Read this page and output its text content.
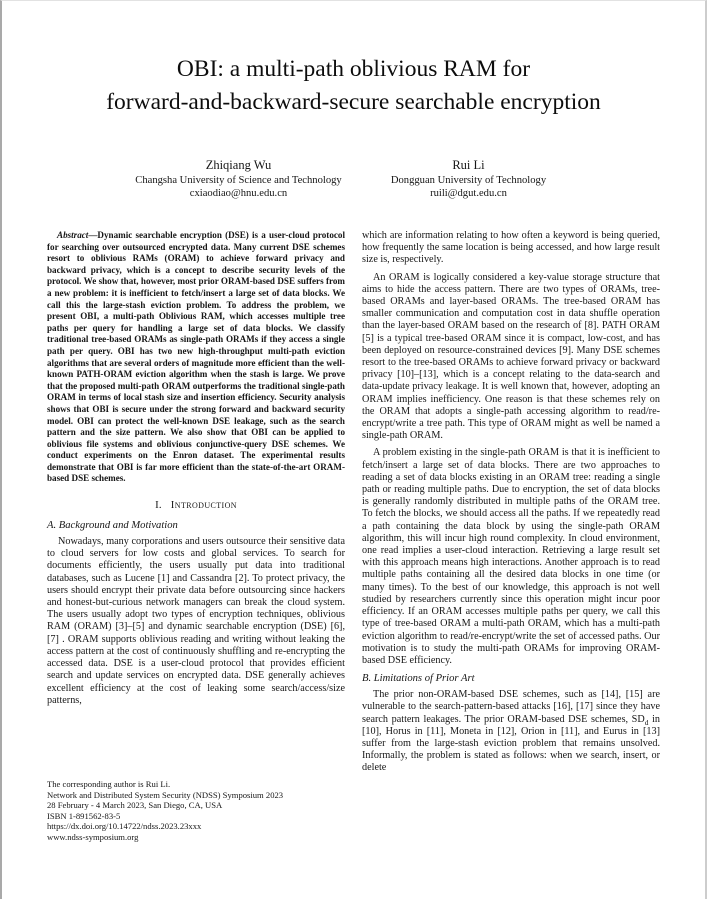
OBI: a multi-path oblivious RAM for
forward-and-backward-secure searchable encryption
Zhiqiang Wu
Changsha University of Science and Technology
cxiaodiao@hnu.edu.cn
Rui Li
Dongguan University of Technology
ruili@dgut.edu.cn

Abstract—Dynamic searchable encryption (DSE) is a user-cloud protocol for searching over outsourced encrypted data. Many current DSE schemes resort to oblivious RAMs (ORAM) to achieve forward privacy and backward privacy, which is a concept to describe security levels of the protocol. We show that, however, most prior ORAM-based DSE suffers from a new problem: it is inefficient to fetch/insert a large set of data blocks. We call this the large-stash eviction problem. To address the problem, we present OBI, a multi-path Oblivious RAM, which accesses multiple tree paths per query for handling a large set of data blocks. We classify traditional tree-based ORAMs as single-path ORAMs if they access a single path per query. OBI has two new high-throughput multi-path eviction algorithms that are several orders of magnitude more efficient than the well-known PATH-ORAM eviction algorithm when the stash is large. We prove that the proposed multi-path ORAM outperforms the traditional single-path ORAM in terms of local stash size and insertion efficiency. Security analysis shows that OBI is secure under the strong forward and backward security model. OBI can protect the well-known DSE leakage, such as the search pattern and the size pattern. We also show that OBI can be applied to oblivious file systems and oblivious conjunctive-query DSE schemes. We conduct experiments on the Enron dataset. The experimental results demonstrate that OBI is far more efficient than the state-of-the-art ORAM-based DSE schemes.

I. Introduction
A. Background and Motivation

Nowadays, many corporations and users outsource their sensitive data to cloud servers for low costs and global services. To search for documents efficiently, the users usually put data into traditional databases, such as Lucene [1] and Cassandra [2]. To protect privacy, the users should encrypt their private data before outsourcing since hackers and honest-but-curious network managers can break the cloud system. The users usually adopt two types of encryption techniques, oblivious RAM (ORAM) [3]–[5] and dynamic searchable encryption (DSE) [6], [7] . ORAM supports oblivious reading and writing without leaking the access pattern at the cost of continuously shuffling and re-encrypting the accessed data. DSE is a user-cloud protocol that provides efficient search and update services on encrypted data. DSE generally achieves excellent efficiency at the cost of leaking some search/access/size patterns,

which are information relating to how often a keyword is being queried, how frequently the same location is being accessed, and how large result size is, respectively.

An ORAM is logically considered a key-value storage structure that aims to hide the access pattern. There are two types of ORAMs, tree-based ORAMs and layer-based ORAMs. The tree-based ORAM has smaller communication and computation cost in data shuffle operation than the layer-based ORAM based on the research of [8]. PATH ORAM [5] is a typical tree-based ORAM since it is compact, low-cost, and has been deployed on resource-constrained devices [9]. Many DSE schemes resort to the tree-based ORAMs to achieve forward privacy or backward privacy [10]–[13], which is a concept relating to the data-search and data-update privacy leakage. It is well known that, however, adopting an ORAM implies inefficiency. One reason is that these schemes rely on the ORAM that adopts a single-path accessing algorithm to read/re-encrypt/write a tree path. This type of ORAM might as well be named a single-path ORAM.

A problem existing in the single-path ORAM is that it is inefficient to fetch/insert a large set of data blocks. There are two approaches to reading a set of data blocks existing in an ORAM tree: reading a single path or reading multiple paths. Due to encryption, the set of data blocks is generally randomly distributed in multiple paths of the ORAM tree. To fetch the blocks, we should access all the paths. If we repeatedly read a path containing the data block by using the single-path ORAM algorithm, this will incur high round complexity. In cloud environment, one read implies a user-cloud interaction. Retrieving a large result set with this approach means high interactions. Another approach is to read multiple paths containing all the desired data blocks in one time (or many times). To the best of our knowledge, this approach is not well studied by researchers currently since this operation might incur poor efficiency. If an ORAM accesses multiple paths per query, we call this type of tree-based ORAM a multi-path ORAM, which has a multi-path eviction algorithm to read/re-encrypt/write the set of accessed paths. Our motivation is to study the multi-path ORAMs for improving ORAM-based DSE efficiency.

B. Limitations of Prior Art

The prior non-ORAM-based DSE schemes, such as [14], [15] are vulnerable to the search-pattern-based attacks [16], [17] since they have search pattern leakages. The prior ORAM-based DSE schemes, $SD_d$ in [10], Horus in [11], Moneta in [12], Orion in [11], and Eurus in [13] suffer from the large-stash eviction problem that remains unsolved. Informally, the problem is stated as follows: when we search, insert, or delete

The corresponding author is Rui Li.
Network and Distributed System Security (NDSS) Symposium 2023
28 February - 4 March 2023, San Diego, CA, USA
ISBN 1-891562-83-5
https://dx.doi.org/10.14722/ndss.2023.23xxx
www.ndss-symposium.org
